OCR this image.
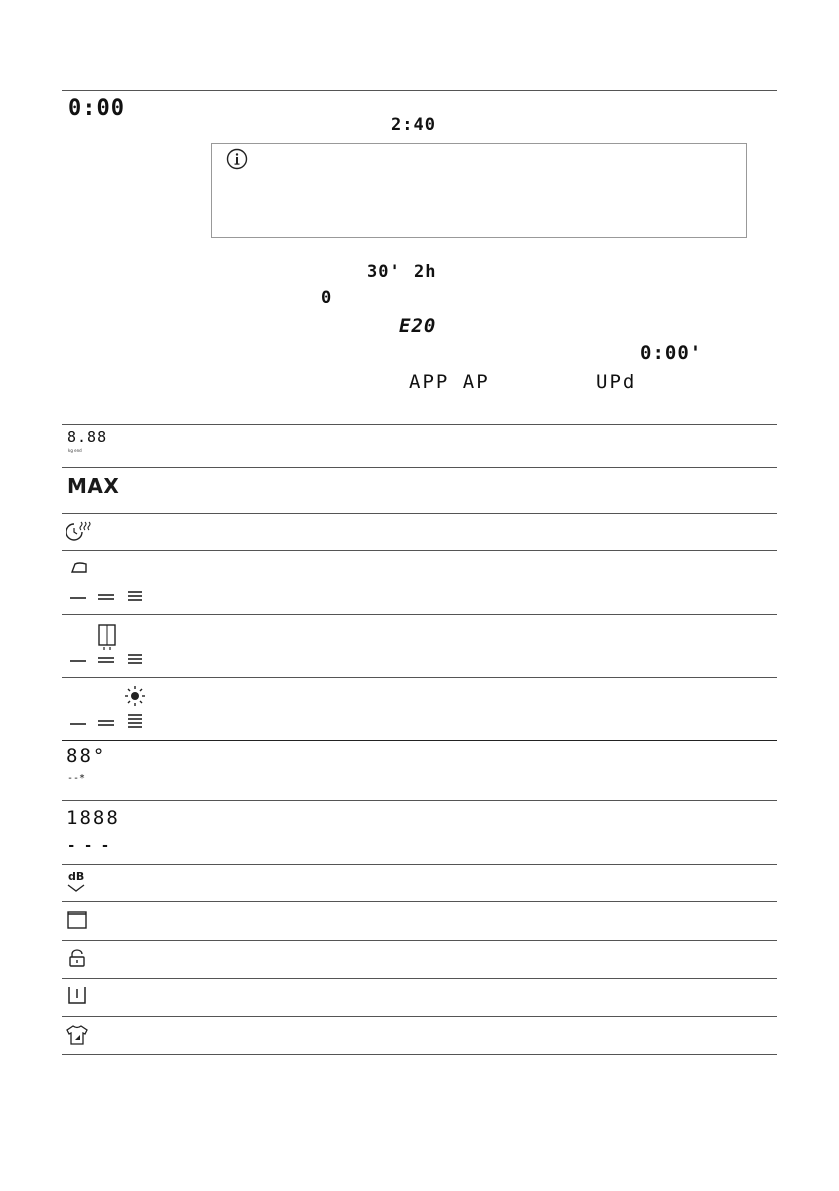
0:00
2:40
30' 2h
0
E20
0:00'
APP AP	UPd
8.88
kg end
MAX
88°
--*
1888
- - -
dB
